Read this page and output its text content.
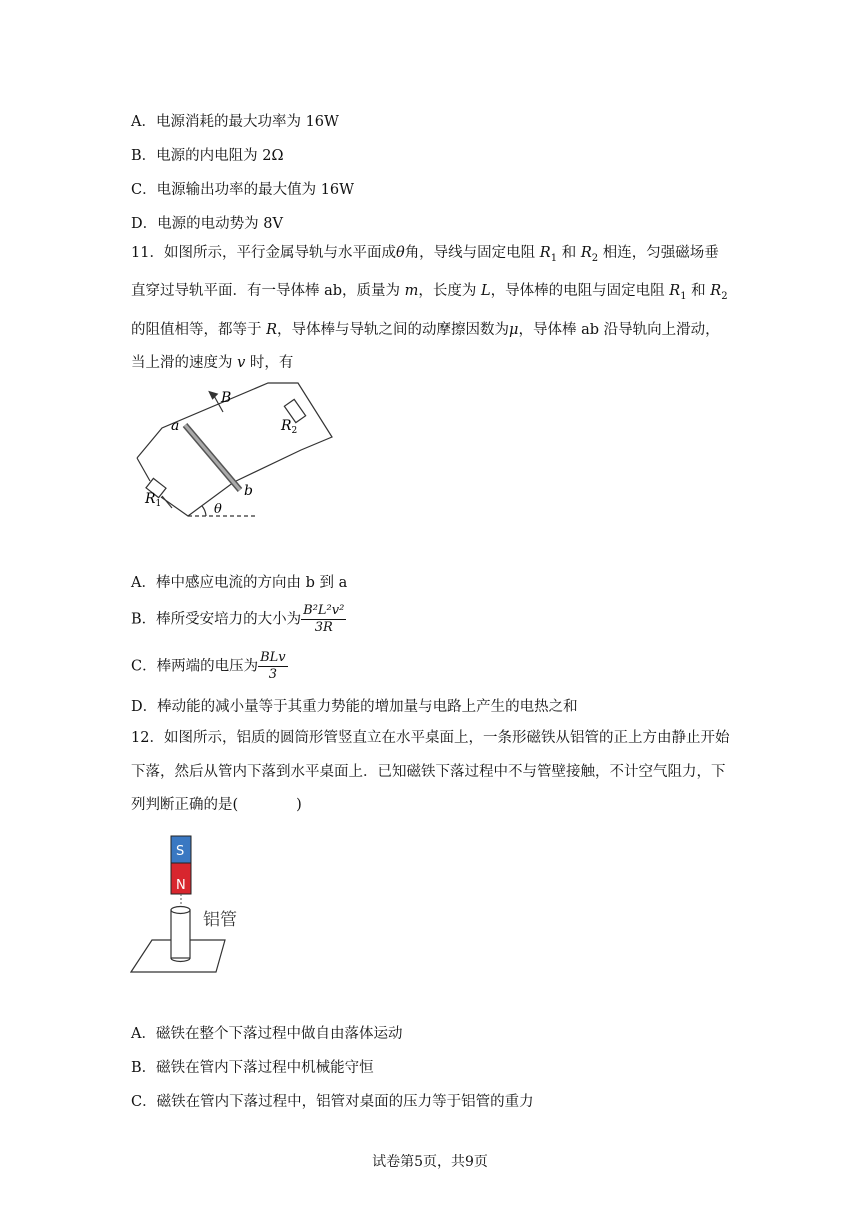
A．电源消耗的最大功率为 16W
B．电源的内电阻为 2Ω
C．电源输出功率的最大值为 16W
D．电源的电动势为 8V
11．如图所示，平行金属导轨与水平面成θ角，导线与固定电阻 $R_1$ 和 $R_2$ 相连，匀强磁场垂直穿过导轨平面．有一导体棒 ab，质量为 m，长度为 L，导体棒的电阻与固定电阻 $R_1$ 和 $R_2$ 的阻值相等，都等于 R，导体棒与导轨之间的动摩擦因数为μ，导体棒 ab 沿导轨向上滑动，当上滑的速度为 v 时，有
B
a
b
$R_1$
$R_2$
θ
A．棒中感应电流的方向由 b 到 a
B．棒所受安培力的大小为 $\frac{\text{B²L²v²}}{3R}$
C．棒两端的电压为 $\frac{\text{BLv}}{3}$
D．棒动能的减小量等于其重力势能的增加量与电路上产生的电热之和
12．如图所示，铝质的圆筒形管竖直立在水平桌面上，一条形磁铁从铝管的正上方由静止开始下落，然后从管内下落到水平桌面上．已知磁铁下落过程中不与管壁接触，不计空气阻力，下列判断正确的是(　　　　)
S
N
铝管
A．磁铁在整个下落过程中做自由落体运动
B．磁铁在管内下落过程中机械能守恒
C．磁铁在管内下落过程中，铝管对桌面的压力等于铝管的重力
试卷第5页，共9页
